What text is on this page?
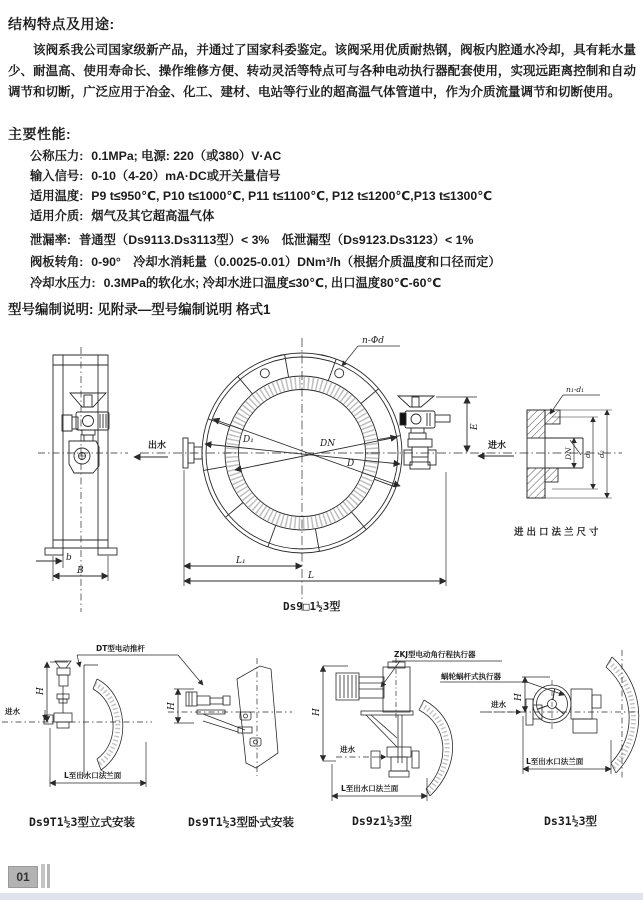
结构特点及用途:
该阀系我公司国家级新产品，并通过了国家科委鉴定。该阀采用优质耐热钢，阀板内腔通水冷却，具有耗水量少、耐温高、使用寿命长、操作维修方便、转动灵活等特点可与各种电动执行器配套使用，实现远距离控制和自动调节和切断，广泛应用于冶金、化工、建材、电站等行业的超高温气体管道中，作为介质流量调节和切断使用。
主要性能:
公称压力: 0.1MPa; 电源: 220（或380）V·AC
输入信号: 0-10（4-20）mA·DC或开关量信号
适用温度: P9 t≤950℃, P10 t≤1000℃, P11 t≤1100℃, P12 t≤1200℃,P13 t≤1300℃
适用介质: 烟气及其它超高温气体
泄漏率: 普通型（Ds9113.Ds3113型）< 3%　低泄漏型（Ds9123.Ds3123）< 1%
阀板转角: 0-90°　冷却水消耗量（0.0025-0.01）DNm³/h（根据介质温度和口径而定）
冷却水压力: 0.3MPa的软化水; 冷却水进口温度≤30℃, 出口温度80℃-60℃
型号编制说明: 见附录—型号编制说明 格式1
b
B
n-Φd
DN
D₁
D
出水
E
L₁
L
Ds9□1½3型
n₁-d₁
DN d₁ d₂
进水
进出口法兰尺寸
DT型电动推杆
H
进水
L至出水口法兰面
Ds9T1½3型立式安装
H
Ds9T1½3型卧式安装
ZKJ型电动角行程执行器
H
进水
L至出水口法兰面
Ds9z1½3型
蜗轮蜗杆式执行器
进水
H
L至出水口法兰面
Ds31½3型
01
